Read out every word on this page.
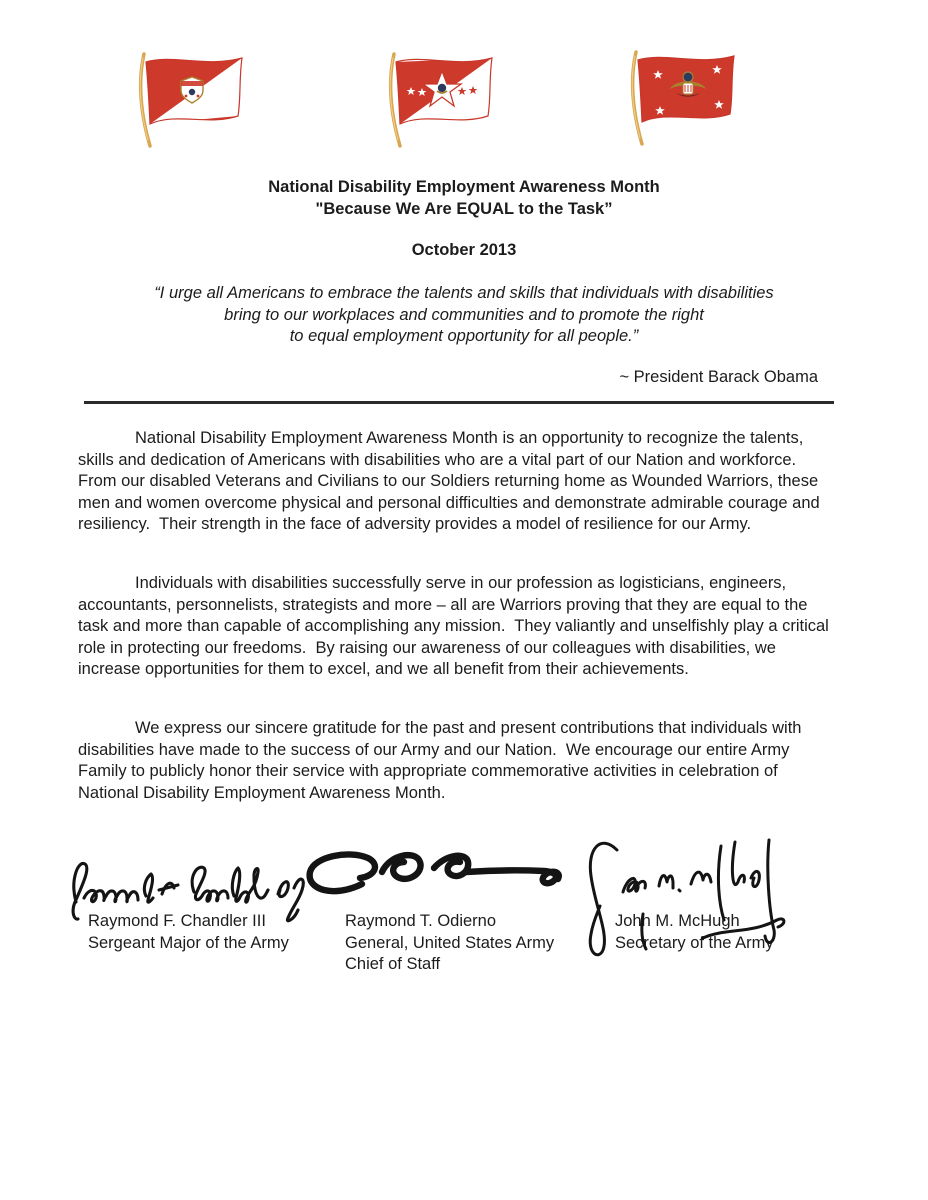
National Disability Employment Awareness Month
"Because We Are EQUAL to the Task”
October 2013
“I urge all Americans to embrace the talents and skills that individuals with disabilities
bring to our workplaces and communities and to promote the right
to equal employment opportunity for all people.”
~ President Barack Obama

National Disability Employment Awareness Month is an opportunity to recognize the talents, skills and dedication of Americans with disabilities who are a vital part of our Nation and workforce.  From our disabled Veterans and Civilians to our Soldiers returning home as Wounded Warriors, these men and women overcome physical and personal difficulties and demonstrate admirable courage and resiliency.  Their strength in the face of adversity provides a model of resilience for our Army.

Individuals with disabilities successfully serve in our profession as logisticians, engineers, accountants, personnelists, strategists and more – all are Warriors proving that they are equal to the task and more than capable of accomplishing any mission.  They valiantly and unselfishly play a critical role in protecting our freedoms.  By raising our awareness of our colleagues with disabilities, we increase opportunities for them to excel, and we all benefit from their achievements.

We express our sincere gratitude for the past and present contributions that individuals with disabilities have made to the success of our Army and our Nation.  We encourage our entire Army Family to publicly honor their service with appropriate commemorative activities in celebration of National Disability Employment Awareness Month.

Raymond F. Chandler III
Sergeant Major of the Army
Raymond T. Odierno
General, United States Army
Chief of Staff
John M. McHugh
Secretary of the Army
